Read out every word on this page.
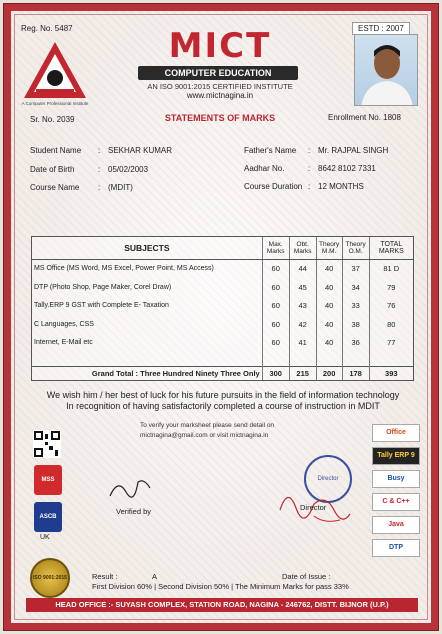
Reg. No. 5487	ESTD : 2007
A Computer Professional Institute
MICT
COMPUTER EDUCATION
AN ISO 9001:2015 CERTIFIED INSTITUTE
www.mictnagina.in
Sr. No. 2039	STATEMENTS OF MARKS	Enrollment No. 1808
Student Name : SEKHAR KUMAR
Date of Birth	: 05/02/2003
Course Name : (MDIT)
Father's Name : Mr. RAJPAL SINGH
Aadhar No.	: 8642 8102 7331
Course Duration : 12 MONTHS
SUBJECTS	Max. Marks	Obt. Marks	Theory M.M.	Theory O.M.	TOTAL MARKS
MS Office (MS Word, MS Excel, Power Point, MS Access)	60	44	40	37	81 D
DTP (Photo Shop, Page Maker, Corel Draw)	60	45	40	34	79
Tally.ERP 9 GST with Complete E- Taxation	60	43	40	33	76
C Languages, CSS	60	42	40	38	80
Internet, E-Mail etc	60	41	40	36	77

Grand Total : Three Hundred Ninety Three Only	300	215	200	178	393
We wish him / her best of luck for his future pursuits in the field of information technology
In recognition of having satisfactorily completed a course of instruction in MDIT
To verify your marksheet please send detail on
mictnagina@gmail.com or visit mictnagina.in
MSS
ASCB
UK
ISO 9001:2015
Verified by
Director
Director
Office
Tally ERP 9
Busy
C & C++
Java
DTP
Result :	A	Date of Issue :
First Division 60% | Second Division 50% | The Minimum Marks for pass 33%
HEAD OFFICE :- SUYASH COMPLEX, STATION ROAD, NAGINA - 246762, DISTT. BIJNOR (U.P.)
